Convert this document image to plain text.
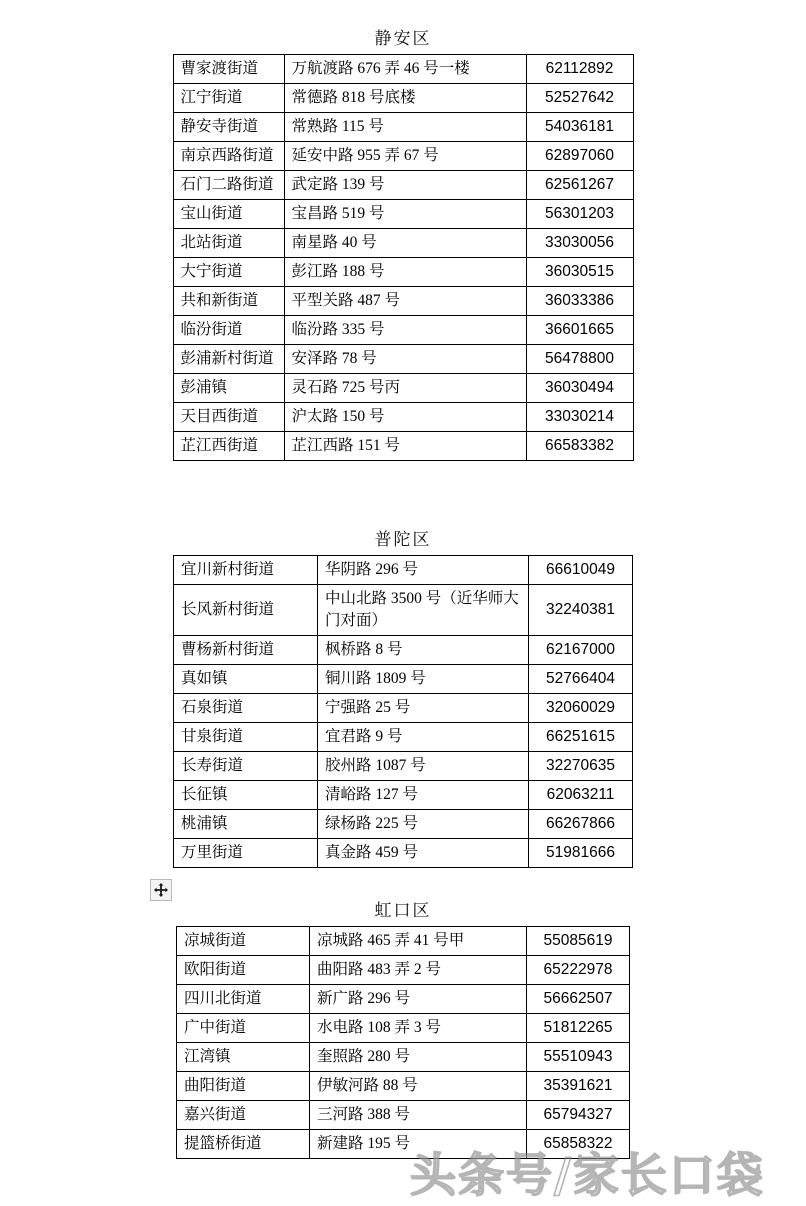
静安区
曹家渡街道	万航渡路 676 弄 46 号一楼	62112892
江宁街道	常德路 818 号底楼	52527642
静安寺街道	常熟路 115 号	54036181
南京西路街道	延安中路 955 弄 67 号	62897060
石门二路街道	武定路 139 号	62561267
宝山街道	宝昌路 519 号	56301203
北站街道	南星路 40 号	33030056
大宁街道	彭江路 188 号	36030515
共和新街道	平型关路 487 号	36033386
临汾街道	临汾路 335 号	36601665
彭浦新村街道	安泽路 78 号	56478800
彭浦镇	灵石路 725 号丙	36030494
天目西街道	沪太路 150 号	33030214
芷江西街道	芷江西路 151 号	66583382
普陀区
宜川新村街道	华阴路 296 号	66610049
长风新村街道	中山北路 3500 号（近华师大门对面）	32240381
曹杨新村街道	枫桥路 8 号	62167000
真如镇	铜川路 1809 号	52766404
石泉街道	宁强路 25 号	32060029
甘泉街道	宜君路 9 号	66251615
长寿街道	胶州路 1087 号	32270635
长征镇	清峪路 127 号	62063211
桃浦镇	绿杨路 225 号	66267866
万里街道	真金路 459 号	51981666
虹口区
凉城街道	凉城路 465 弄 41 号甲	55085619
欧阳街道	曲阳路 483 弄 2 号	65222978
四川北街道	新广路 296 号	56662507
广中街道	水电路 108 弄 3 号	51812265
江湾镇	奎照路 280 号	55510943
曲阳街道	伊敏河路 88 号	35391621
嘉兴街道	三河路 388 号	65794327
提篮桥街道	新建路 195 号	65858322
头条号/家长口袋
